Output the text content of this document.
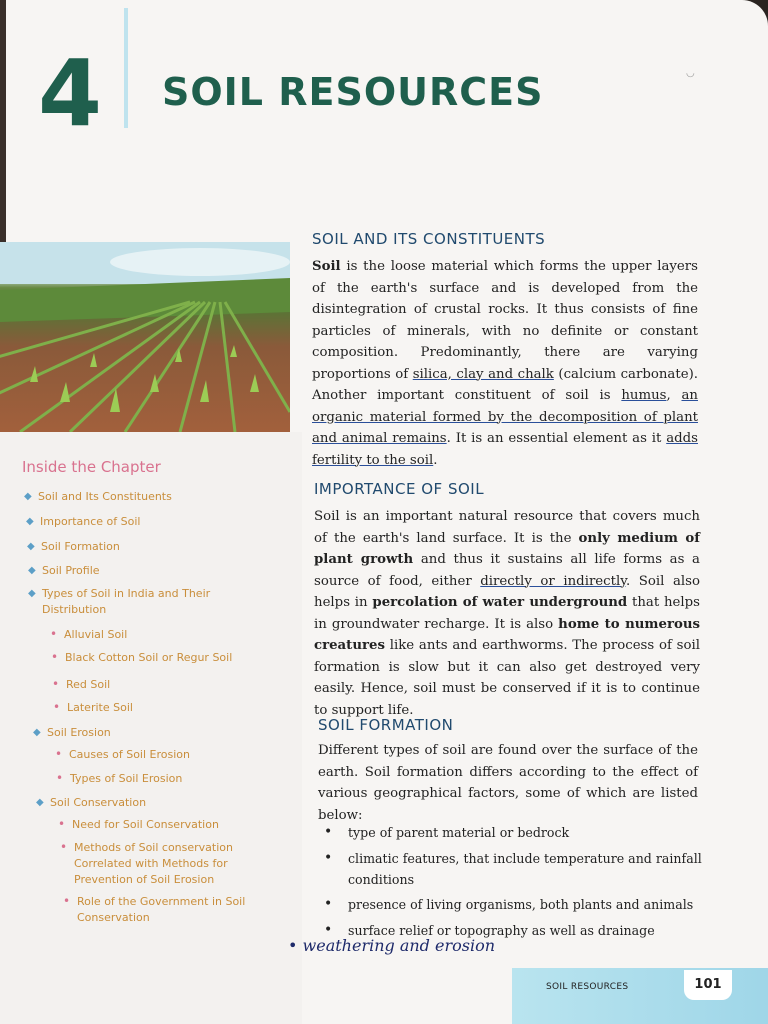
4 SOIL RESOURCES	◡
Inside the Chapter
◆ Soil and Its Constituents
◆ Importance of Soil
◆ Soil Formation
◆ Soil Profile
◆ Types of Soil in India and Their Distribution
• Alluvial Soil
• Black Cotton Soil or Regur Soil
• Red Soil
• Laterite Soil
◆ Soil Erosion
• Causes of Soil Erosion
• Types of Soil Erosion
◆ Soil Conservation
• Need for Soil Conservation
• Methods of Soil conservation Correlated with Methods for Prevention of Soil Erosion
• Role of the Government in Soil Conservation
SOIL AND ITS CONSTITUENTS
Soil is the loose material which forms the upper layers of the earth's surface and is developed from the disintegration of crustal rocks. It thus consists of fine particles of minerals, with no definite or constant composition. Predominantly, there are varying proportions of silica, clay and chalk (calcium carbonate). Another important constituent of soil is humus, an organic material formed by the decomposition of plant and animal remains. It is an essential element as it adds fertility to the soil.
IMPORTANCE OF SOIL
Soil is an important natural resource that covers much of the earth's land surface. It is the only medium of plant growth and thus it sustains all life forms as a source of food, either directly or indirectly. Soil also helps in percolation of water underground that helps in groundwater recharge. It is also home to numerous creatures like ants and earthworms. The process of soil formation is slow but it can also get destroyed very easily. Hence, soil must be conserved if it is to continue to support life.
SOIL FORMATION
Different types of soil are found over the surface of the earth. Soil formation differs according to the effect of various geographical factors, some of which are listed below:
• type of parent material or bedrock
• climatic features, that include temperature and rainfall conditions
• presence of living organisms, both plants and animals
• surface relief or topography as well as drainage
• weathering and erosion
SOIL RESOURCES	101
